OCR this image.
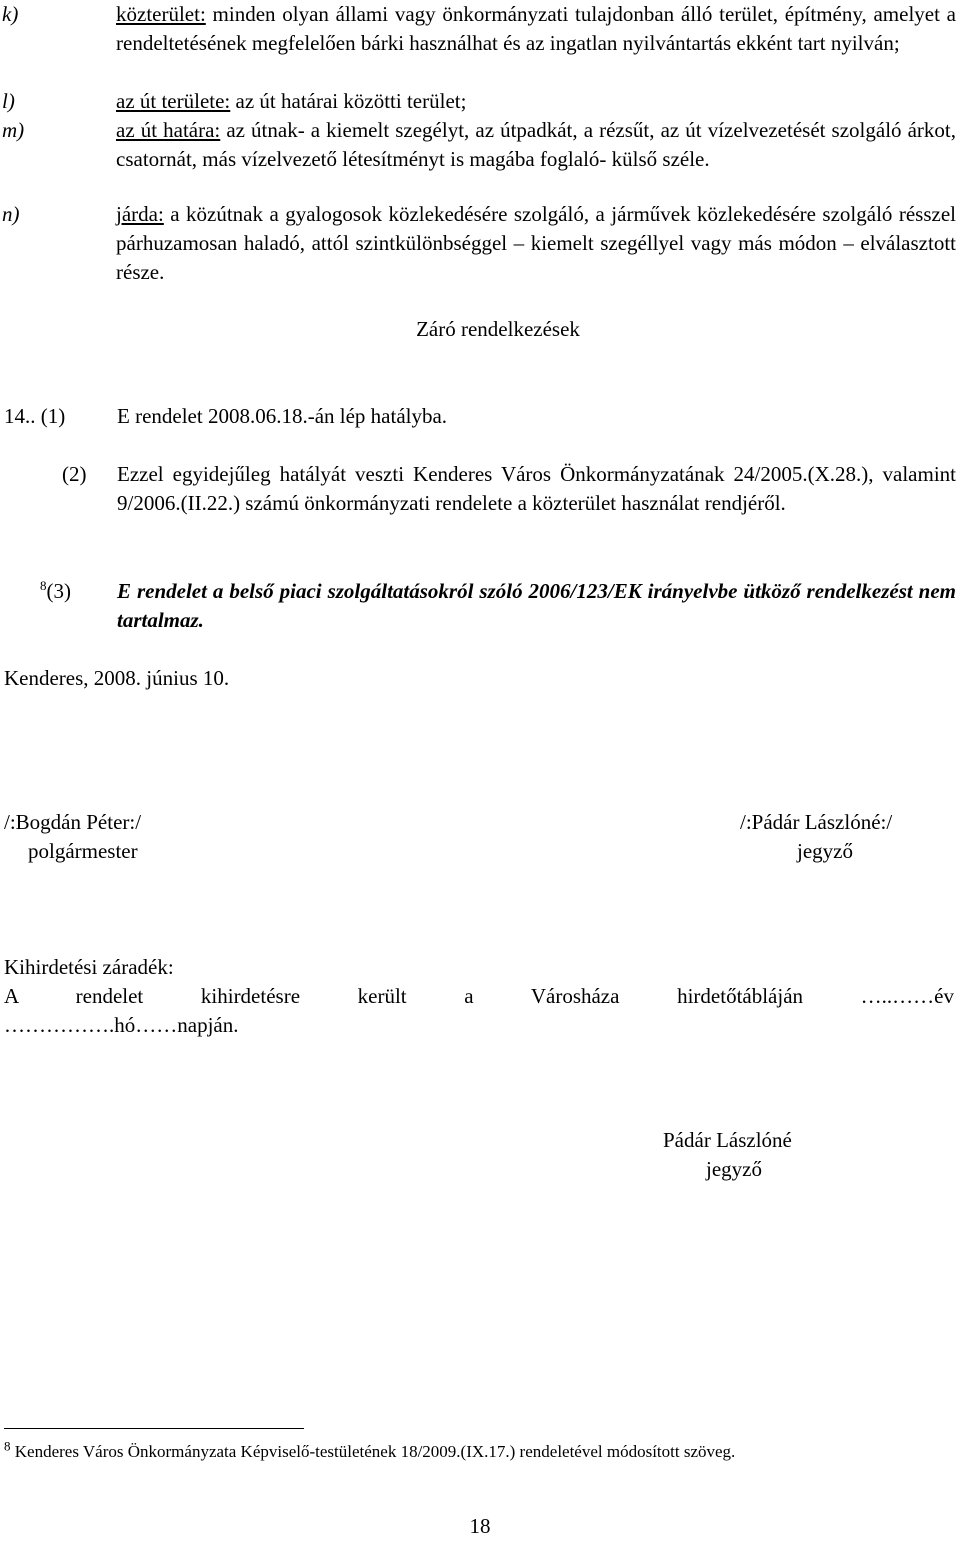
k)	közterület: minden olyan állami vagy önkormányzati tulajdonban álló terület, építmény, amelyet a rendeltetésének megfelelően bárki használhat és az ingatlan nyilvántartás ekként tart nyilván;
l)	az út területe: az út határai közötti terület;
m)	az út határa: az útnak- a kiemelt szegélyt, az útpadkát, a rézsűt, az út vízelvezetését szolgáló árkot, csatornát, más vízelvezető létesítményt is magába foglaló- külső széle.
n)	járda: a közútnak a gyalogosok közlekedésére szolgáló, a járművek közlekedésére szolgáló résszel párhuzamosan haladó, attól szintkülönbséggel – kiemelt szegéllyel vagy más módon – elválasztott része.
Záró rendelkezések
14.. (1) E rendelet 2008.06.18.-án lép hatályba.
(2) Ezzel egyidejűleg hatályát veszti Kenderes Város Önkormányzatának 24/2005.(X.28.), valamint 9/2006.(II.22.) számú önkormányzati rendelete a közterület használat rendjéről.
$^8$(3) E rendelet a belső piaci szolgáltatásokról szóló 2006/123/EK irányelvbe ütköző rendelkezést nem tartalmaz.
Kenderes, 2008. június 10.
/:Bogdán Péter:/
polgármester
/:Pádár Lászlóné:/
jegyző
Kihirdetési záradék:
A rendelet kihirdetésre került a Városháza hirdetőtábláján …..……év
…………….hó……napján.
Pádár Lászlóné
jegyző
$^8$ Kenderes Város Önkormányzata Képviselő-testületének 18/2009.(IX.17.) rendeletével módosított szöveg.
18
